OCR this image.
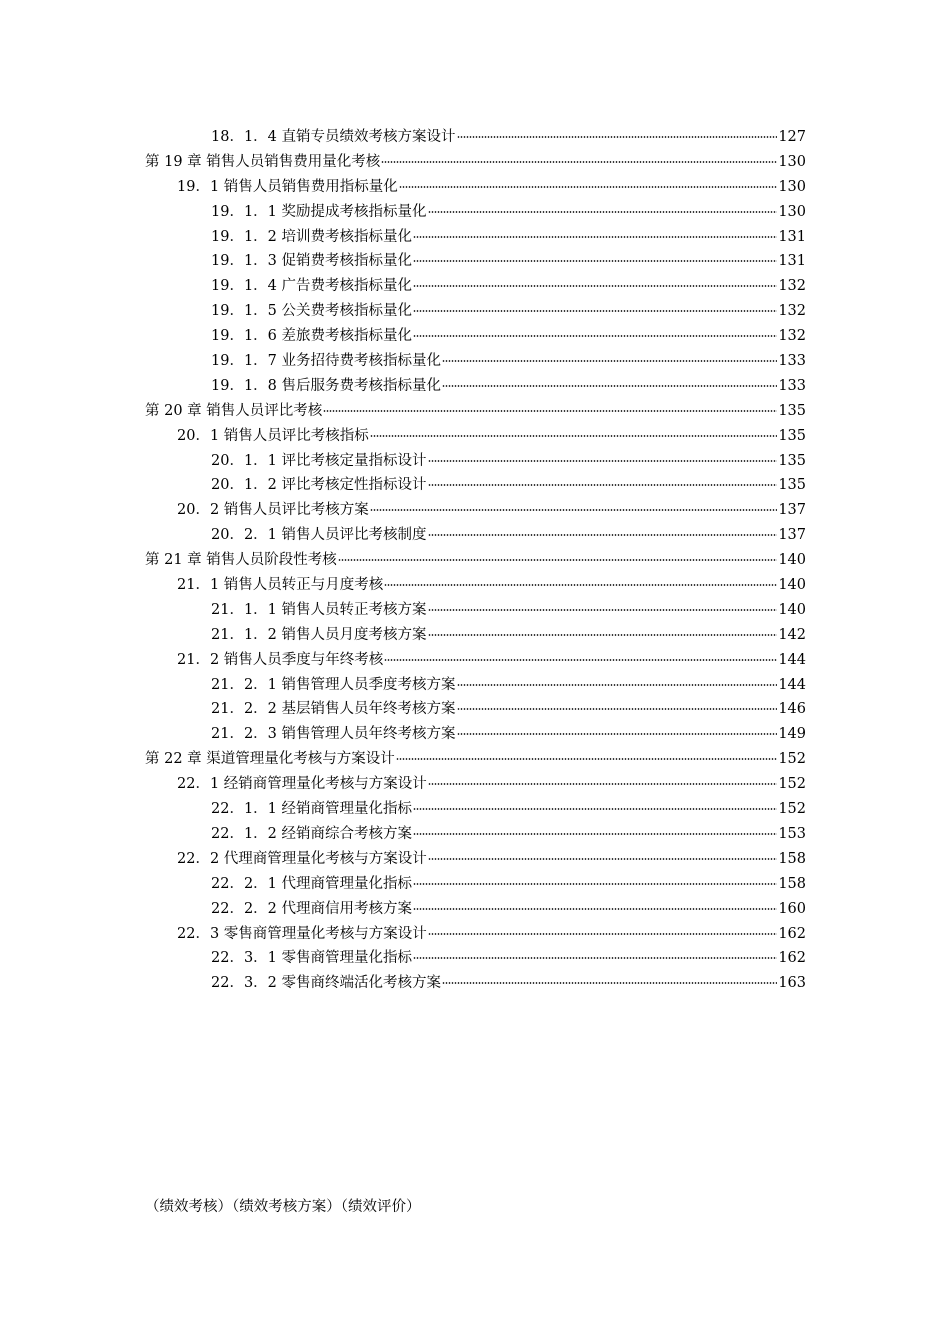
18．1．4 直销专员绩效考核方案设计	127
第 19 章 销售人员销售费用量化考核	130
19．1 销售人员销售费用指标量化	130
19．1．1 奖励提成考核指标量化	130
19．1．2 培训费考核指标量化	131
19．1．3 促销费考核指标量化	131
19．1．4 广告费考核指标量化	132
19．1．5 公关费考核指标量化	132
19．1．6 差旅费考核指标量化	132
19．1．7 业务招待费考核指标量化	133
19．1．8 售后服务费考核指标量化	133
第 20 章 销售人员评比考核	135
20．1 销售人员评比考核指标	135
20．1．1 评比考核定量指标设计	135
20．1．2 评比考核定性指标设计	135
20．2 销售人员评比考核方案	137
20．2．1 销售人员评比考核制度	137
第 21 章 销售人员阶段性考核	140
21．1 销售人员转正与月度考核	140
21．1．1 销售人员转正考核方案	140
21．1．2 销售人员月度考核方案	142
21．2 销售人员季度与年终考核	144
21．2．1 销售管理人员季度考核方案	144
21．2．2 基层销售人员年终考核方案	146
21．2．3 销售管理人员年终考核方案	149
第 22 章 渠道管理量化考核与方案设计	152
22．1 经销商管理量化考核与方案设计	152
22．1．1 经销商管理量化指标	152
22．1．2 经销商综合考核方案	153
22．2 代理商管理量化考核与方案设计	158
22．2．1 代理商管理量化指标	158
22．2．2 代理商信用考核方案	160
22．3 零售商管理量化考核与方案设计	162
22．3．1 零售商管理量化指标	162
22．3．2 零售商终端活化考核方案	163
（绩效考核）（绩效考核方案）（绩效评价）
